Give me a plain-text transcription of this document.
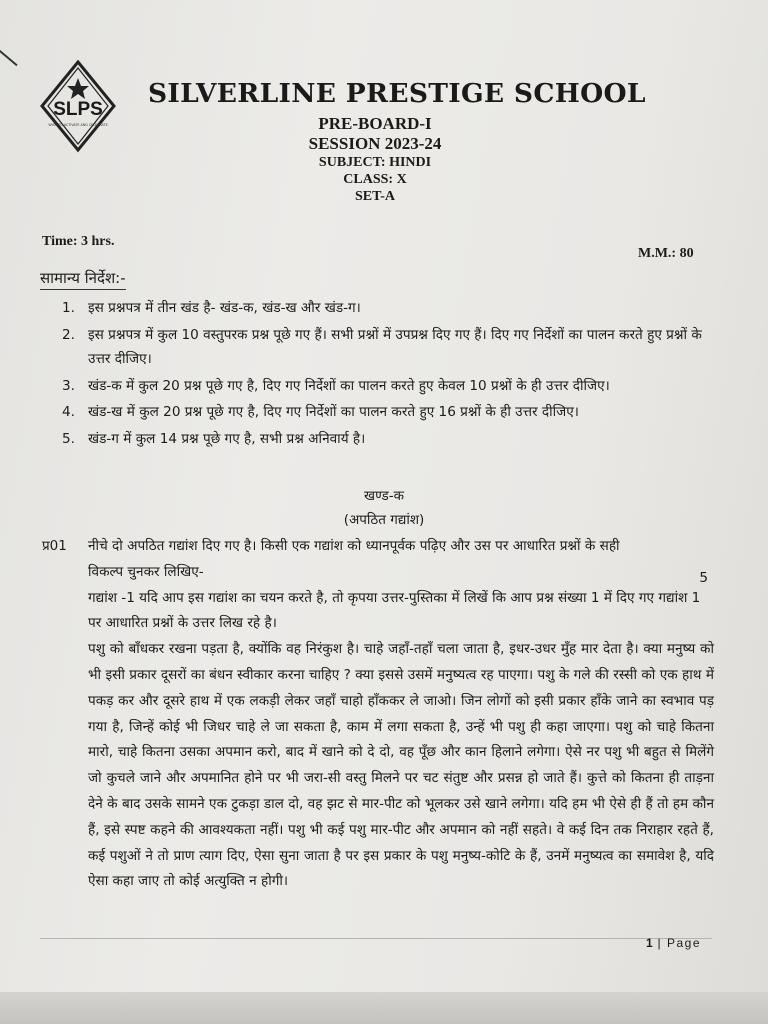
SLPS
WISH TO ACTIVATE AND CELEBRATE
SILVERLINE PRESTIGE SCHOOL
PRE-BOARD-I
SESSION 2023-24
SUBJECT: HINDI
CLASS: X
SET-A
Time: 3 hrs.
M.M.: 80
सामान्य निर्देश:-
1. इस प्रश्नपत्र में तीन खंड है- खंड-क, खंड-ख और खंड-ग।
2. इस प्रश्नपत्र में कुल 10 वस्तुपरक प्रश्न पूछे गए हैं। सभी प्रश्नों में उपप्रश्न दिए गए हैं। दिए गए निर्देशों का पालन करते हुए प्रश्नों के उत्तर दीजिए।
3. खंड-क में कुल 20 प्रश्न पूछे गए है, दिए गए निर्देशों का पालन करते हुए केवल 10 प्रश्नों के ही उत्तर दीजिए।
4. खंड-ख में कुल 20 प्रश्न पूछे गए है, दिए गए निर्देशों का पालन करते हुए 16 प्रश्नों के ही उत्तर दीजिए।
5. खंड-ग में कुल 14 प्रश्न पूछे गए है, सभी प्रश्न अनिवार्य है।
खण्ड-क
(अपठित गद्यांश)
प्र01 नीचे दो अपठित गद्यांश दिए गए है। किसी एक गद्यांश को ध्यानपूर्वक पढ़िए और उस पर आधारित प्रश्नों के सही

विकल्प चुनकर लिखिए-	5

गद्यांश -1 यदि आप इस गद्यांश का चयन करते है, तो कृपया उत्तर-पुस्तिका में लिखें कि आप प्रश्न संख्या 1 में दिए गए गद्यांश 1 पर आधारित प्रश्नों के उत्तर लिख रहे है।

पशु को बाँधकर रखना पड़ता है, क्योंकि वह निरंकुश है। चाहे जहाँ-तहाँ चला जाता है, इधर-उधर मुँह मार देता है। क्या मनुष्य को भी इसी प्रकार दूसरों का बंधन स्वीकार करना चाहिए ? क्या इससे उसमें मनुष्यत्व रह पाएगा। पशु के गले की रस्सी को एक हाथ में पकड़ कर और दूसरे हाथ में एक लकड़ी लेकर जहाँ चाहो हाँककर ले जाओ। जिन लोगों को इसी प्रकार हाँके जाने का स्वभाव पड़ गया है, जिन्हें कोई भी जिधर चाहे ले जा सकता है, काम में लगा सकता है, उन्हें भी पशु ही कहा जाएगा। पशु को चाहे कितना मारो, चाहे कितना उसका अपमान करो, बाद में खाने को दे दो, वह पूँछ और कान हिलाने लगेगा। ऐसे नर पशु भी बहुत से मिलेंगे जो कुचले जाने और अपमानित होने पर भी जरा-सी वस्तु मिलने पर चट संतुष्ट और प्रसन्न हो जाते हैं। कुत्ते को कितना ही ताड़ना देने के बाद उसके सामने एक टुकड़ा डाल दो, वह झट से मार-पीट को भूलकर उसे खाने लगेगा। यदि हम भी ऐसे ही हैं तो हम कौन हैं, इसे स्पष्ट कहने की आवश्यकता नहीं। पशु भी कई पशु मार-पीट और अपमान को नहीं सहते। वे कई दिन तक निराहार रहते हैं, कई पशुओं ने तो प्राण त्याग दिए, ऐसा सुना जाता है पर इस प्रकार के पशु मनुष्य-कोटि के हैं, उनमें मनुष्यत्व का समावेश है, यदि ऐसा कहा जाए तो कोई अत्युक्ति न होगी।

1 | Page
